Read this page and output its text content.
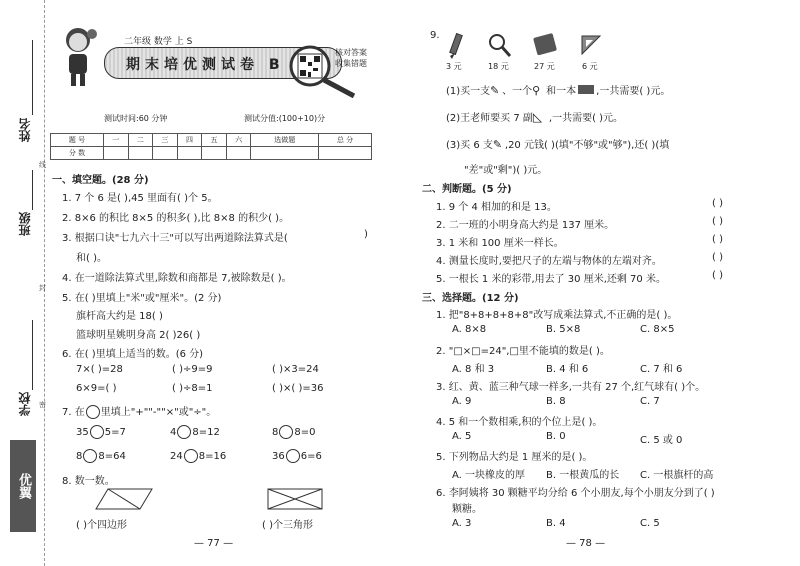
姓名
线
班级
封
学校 密
优翼
二年级 数学 上 S
期末培优测试卷 B
核对答案
收集错题
测试时间:60 分钟	测试分值:(100+10)分
题 号	一	二	三	四	五	六	选做题	总 分
分 数								
一、填空题。(28 分)
1. 7 个 6 是( ),45 里面有( )个 5。
2. 8×6 的积比 8×5 的积多( ),比 8×8 的积少( )。
3. 根据口诀"七九六十三"可以写出两道除法算式是(	)
和( )。
4. 在一道除法算式里,除数和商都是 7,被除数是( )。
5. 在( )里填上"米"或"厘米"。(2 分)
旗杆高大约是 18( )
篮球明星姚明身高 2( )26( )
6. 在( )里填上适当的数。(6 分)
7×( )=28	( )÷9=9	( )×3=24
6×9=( )	( )÷8=1	( )×( )=36
7. 在 里填上"+""-""×"或"÷"。
35 5=7	4 8=12	8 8=0
8 8=64	24 8=16	36 6=6
8. 数一数。
( )个四边形	( )个三角形
— 77 —
9.
3 元	18 元	27 元	6 元
(1)买一支✎ 、一个⚲ 和一本 ,一共需要( )元。
(2)王老师要买 7 副◺ ,一共需要( )元。
(3)买 6 支✎ ,20 元钱( )(填"不够"或"够"),还( )(填
"差"或"剩")( )元。
二、判断题。(5 分)
1. 9 个 4 相加的和是 13。
2. 二一班的小明身高大约是 137 厘米。
3. 1 米和 100 厘米一样长。
4. 测量长度时,要把尺子的左端与物体的左端对齐。
5. 一根长 1 米的彩带,用去了 30 厘米,还剩 70 米。
( )
( )
( )
( )
( )
三、选择题。(12 分)
1. 把"8+8+8+8+8"改写成乘法算式,不正确的是( )。
A. 8×8	B. 5×8	C. 8×5
2. "□×□=24",□里不能填的数是( )。
A. 8 和 3	B. 4 和 6	C. 7 和 6
3. 红、黄、蓝三种气球一样多,一共有 27 个,红气球有( )个。
A. 9	B. 8	C. 7
4. 5 和一个数相乘,积的个位上是( )。
A. 5	B. 0	C. 5 或 0
5. 下列物品大约是 1 厘米的是( )。
A. 一块橡皮的厚 B. 一根黄瓜的长 C. 一根旗杆的高
6. 李阿姨将 30 颗糖平均分给 6 个小朋友,每个小朋友分到了( )
颗糖。
A. 3	B. 4	C. 5
— 78 —
